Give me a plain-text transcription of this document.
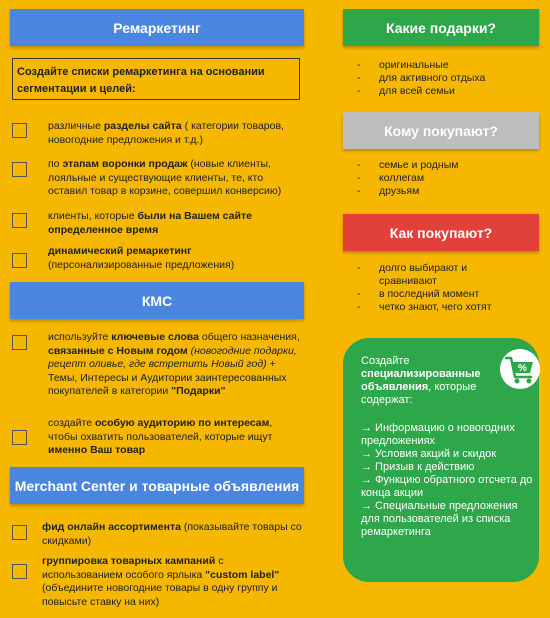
Ремаркетинг
Создайте списки ремаркетинга на основании сегментации и целей:
различные разделы сайта ( категории товаров, новогодние предложения и т.д.)
по этапам воронки продаж (новые клиенты, лояльные и существующие клиенты, те, кто оставил товар в корзине, совершил конверсию)
клиенты, которые были на Вашем сайте определенное время
динамический ремаркетинг (персонализированные предложения)
КМС
используйте ключевые слова общего назначения, связанные с Новым годом (новогодние подарки, рецепт оливье, где встретить Новый год) + Темы, Интересы и Аудитории заинтересованных покупателей в категории "Подарки"
создайте особую аудиторию по интересам, чтобы охватить пользователей, которые ищут именно Ваш товар
Merchant Center и товарные объявления
фид онлайн ассортимента (показывайте товары со скидками)
группировка товарных кампаний с использованием особого ярлыка "custom label" (объедините новогодние товары в одну группу и повысьте ставку на них)
Какие подарки?
- оригинальные
- для активного отдыха
- для всей семьи
Кому покупают?
- семье и родным
- коллегам
- друзьям
Как покупают?
- долго выбирают и сравнивают
- в последний момент
- четко знают, чего хотят
Создайте
специализированные объявления, которые содержат:
→ Информацию о новогодних предложениях
→ Условия акций и скидок
→ Призыв к действию
→ Функцию обратного отсчета до конца акции
→ Специальные предложения для пользователей из списка ремаркетинга
%
